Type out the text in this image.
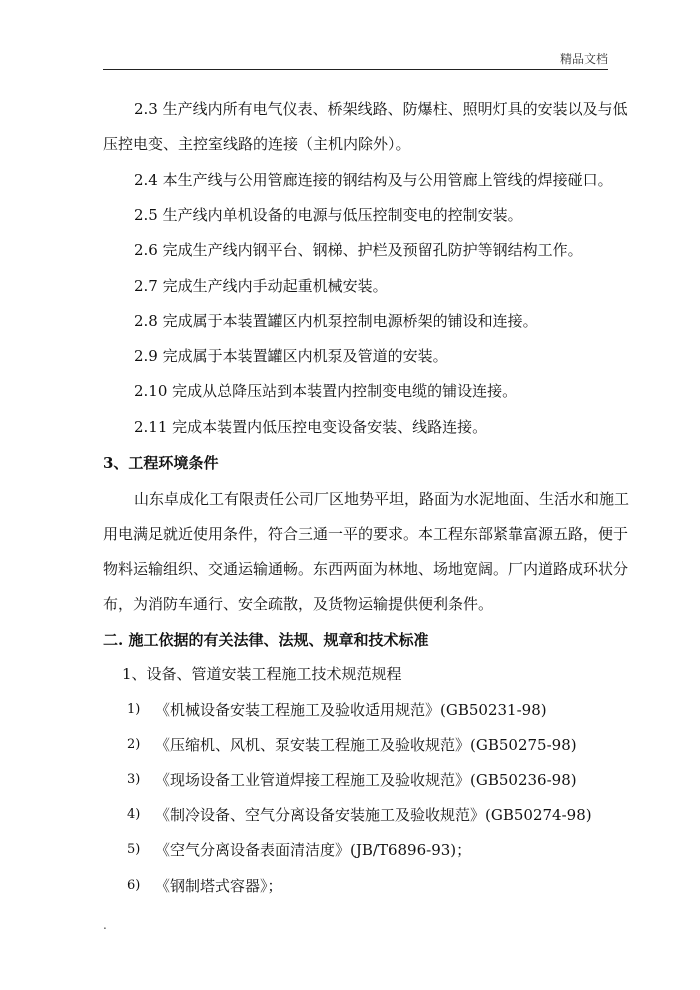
精品文档
2.3 生产线内所有电气仪表、桥架线路、防爆柱、照明灯具的安装以及与低
压控电变、主控室线路的连接（主机内除外）。
2.4 本生产线与公用管廊连接的钢结构及与公用管廊上管线的焊接碰口。
2.5 生产线内单机设备的电源与低压控制变电的控制安装。
2.6 完成生产线内钢平台、钢梯、护栏及预留孔防护等钢结构工作。
2.7 完成生产线内手动起重机械安装。
2.8 完成属于本装置罐区内机泵控制电源桥架的铺设和连接。
2.9 完成属于本装置罐区内机泵及管道的安装。
2.10 完成从总降压站到本装置内控制变电缆的铺设连接。
2.11 完成本装置内低压控电变设备安装、线路连接。
3、工程环境条件
山东卓成化工有限责任公司厂区地势平坦，路面为水泥地面、生活水和施工
用电满足就近使用条件，符合三通一平的要求。本工程东部紧靠富源五路，便于
物料运输组织、交通运输通畅。东西两面为林地、场地宽阔。厂内道路成环状分
布，为消防车通行、安全疏散，及货物运输提供便利条件。
二. 施工依据的有关法律、法规、规章和技术标准
1、设备、管道安装工程施工技术规范规程
1) 《机械设备安装工程施工及验收适用规范》(GB50231-98)
2) 《压缩机、风机、泵安装工程施工及验收规范》(GB50275-98)
3) 《现场设备工业管道焊接工程施工及验收规范》(GB50236-98)
4) 《制冷设备、空气分离设备安装施工及验收规范》(GB50274-98)
5) 《空气分离设备表面清洁度》(JB/T6896-93)；
6) 《钢制塔式容器》；
.
